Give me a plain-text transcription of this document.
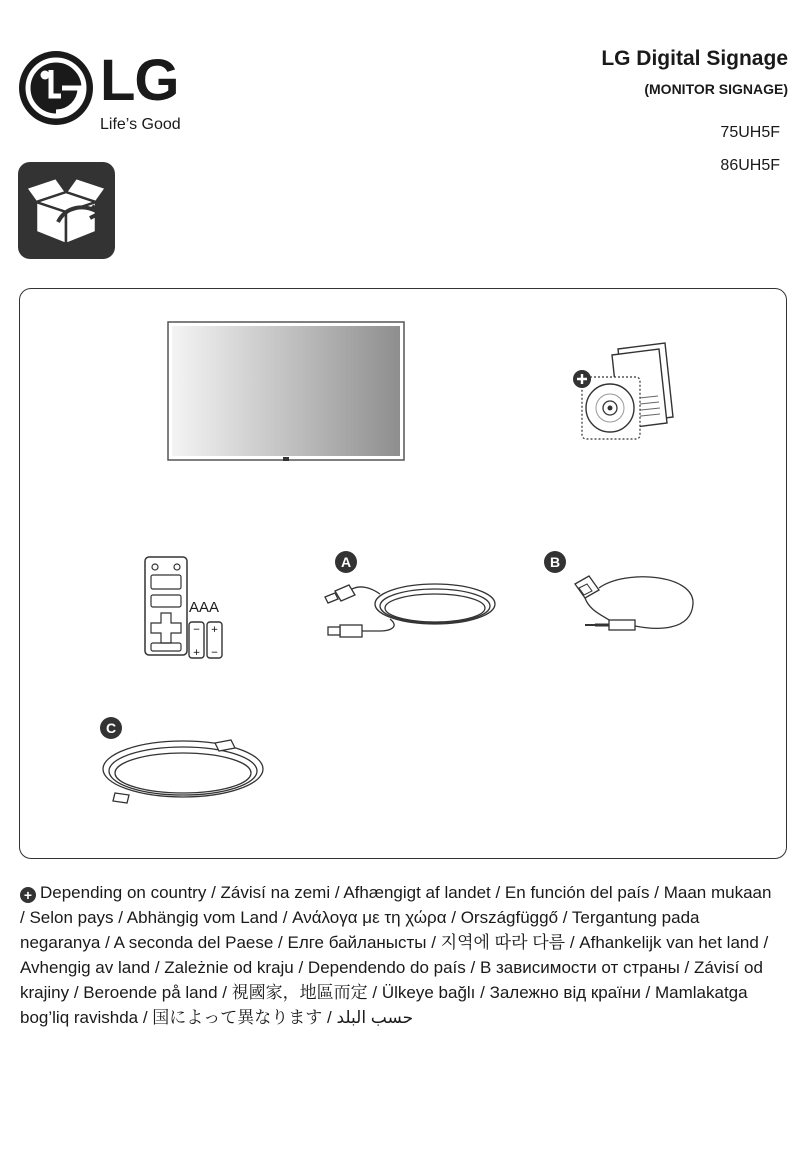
LG
Life’s Good
LG Digital Signage
(MONITOR SIGNAGE)
75UH5F
86UH5F
AAA
−
+
+
−
A	B
C
+ Depending on country / Závisí na zemi / Afhængigt af landet / En función del país / Maan mukaan / Selon pays / Abhängig vom Land / Ανάλογα με τη χώρα / Országfüggő / Tergantung pada negaranya / A seconda del Paese / Елге байланысты / 지역에 따라 다름 / Afhankelijk van het land / Avhengig av land / Zależnie od kraju / Dependendo do país / В зависимости от страны / Závisí od krajiny / Beroende på land / 視國家，地區而定 / Ülkeye bağlı / Залежно від країни / Mamlakatga bog’liq ravishda / 国によって異なります / حسب البلد
